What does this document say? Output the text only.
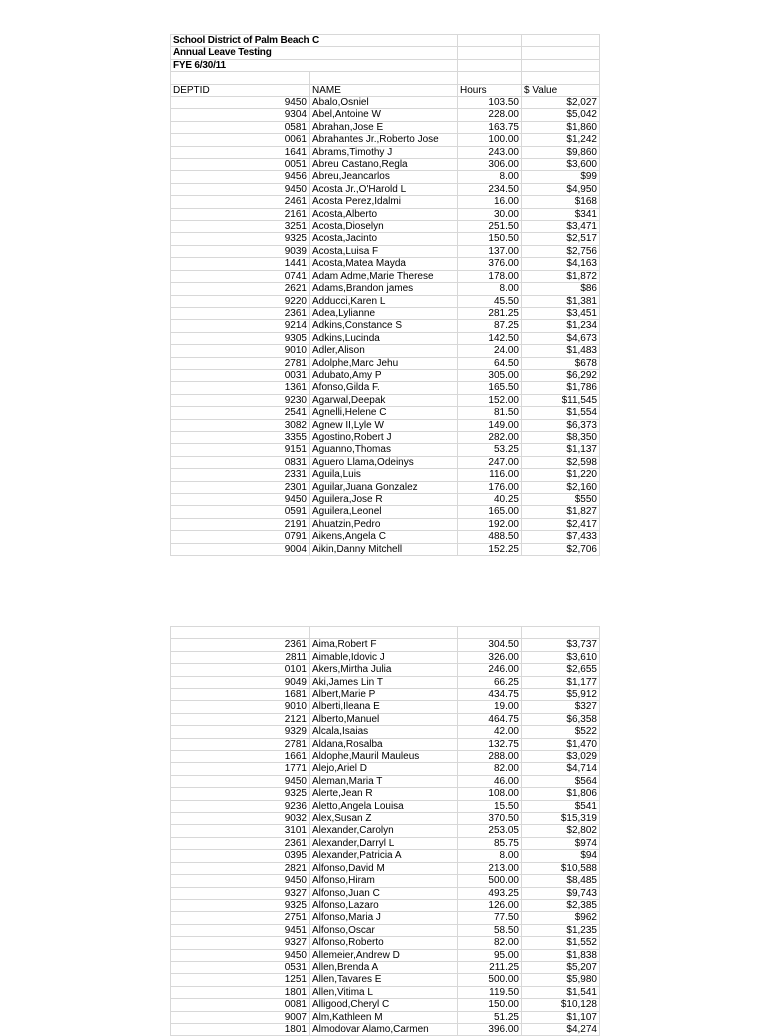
School District of Palm Beach C			
Annual Leave Testing			
FYE 6/30/11			

DEPTID	NAME	Hours	$ Value
9450	Abalo,Osniel	103.50	$2,027
9304	Abel,Antoine W	228.00	$5,042
0581	Abrahan,Jose E	163.75	$1,860
0061	Abrahantes Jr.,Roberto Jose	100.00	$1,242
1641	Abrams,Timothy J	243.00	$9,860
0051	Abreu Castano,Regla	306.00	$3,600
9456	Abreu,Jeancarlos	8.00	$99
9450	Acosta Jr.,O'Harold L	234.50	$4,950
2461	Acosta Perez,Idalmi	16.00	$168
2161	Acosta,Alberto	30.00	$341
3251	Acosta,Dioselyn	251.50	$3,471
9325	Acosta,Jacinto	150.50	$2,517
9039	Acosta,Luisa F	137.00	$2,756
1441	Acosta,Matea Mayda	376.00	$4,163
0741	Adam Adme,Marie Therese	178.00	$1,872
2621	Adams,Brandon james	8.00	$86
9220	Adducci,Karen L	45.50	$1,381
2361	Adea,Lylianne	281.25	$3,451
9214	Adkins,Constance S	87.25	$1,234
9305	Adkins,Lucinda	142.50	$4,673
9010	Adler,Alison	24.00	$1,483
2781	Adolphe,Marc Jehu	64.50	$678
0031	Adubato,Amy P	305.00	$6,292
1361	Afonso,Gilda F.	165.50	$1,786
9230	Agarwal,Deepak	152.00	$11,545
2541	Agnelli,Helene C	81.50	$1,554
3082	Agnew II,Lyle W	149.00	$6,373
3355	Agostino,Robert J	282.00	$8,350
9151	Aguanno,Thomas	53.25	$1,137
0831	Aguero Llama,Odeinys	247.00	$2,598
2331	Aguila,Luis	116.00	$1,220
2301	Aguilar,Juana Gonzalez	176.00	$2,160
9450	Aguilera,Jose R	40.25	$550
0591	Aguilera,Leonel	165.00	$1,827
2191	Ahuatzin,Pedro	192.00	$2,417
0791	Aikens,Angela C	488.50	$7,433
9004	Aikin,Danny Mitchell	152.25	$2,706

2361	Aima,Robert F	304.50	$3,737
2811	Aimable,Idovic J	326.00	$3,610
0101	Akers,Mirtha Julia	246.00	$2,655
9049	Aki,James Lin T	66.25	$1,177
1681	Albert,Marie P	434.75	$5,912
9010	Alberti,Ileana E	19.00	$327
2121	Alberto,Manuel	464.75	$6,358
9329	Alcala,Isaias	42.00	$522
2781	Aldana,Rosalba	132.75	$1,470
1661	Aldophe,Mauril Mauleus	288.00	$3,029
1771	Alejo,Ariel D	82.00	$4,714
9450	Aleman,Maria T	46.00	$564
9325	Alerte,Jean R	108.00	$1,806
9236	Aletto,Angela Louisa	15.50	$541
9032	Alex,Susan Z	370.50	$15,319
3101	Alexander,Carolyn	253.05	$2,802
2361	Alexander,Darryl L	85.75	$974
0395	Alexander,Patricia A	8.00	$94
2821	Alfonso,David M	213.00	$10,588
9450	Alfonso,Hiram	500.00	$8,485
9327	Alfonso,Juan C	493.25	$9,743
9325	Alfonso,Lazaro	126.00	$2,385
2751	Alfonso,Maria J	77.50	$962
9451	Alfonso,Oscar	58.50	$1,235
9327	Alfonso,Roberto	82.00	$1,552
9450	Allemeier,Andrew D	95.00	$1,838
0531	Allen,Brenda A	211.25	$5,207
1251	Allen,Tavares E	500.00	$5,980
1801	Allen,Vitima L	119.50	$1,541
0081	Alligood,Cheryl C	150.00	$10,128
9007	Alm,Kathleen M	51.25	$1,107
1801	Almodovar Alamo,Carmen	396.00	$4,274
